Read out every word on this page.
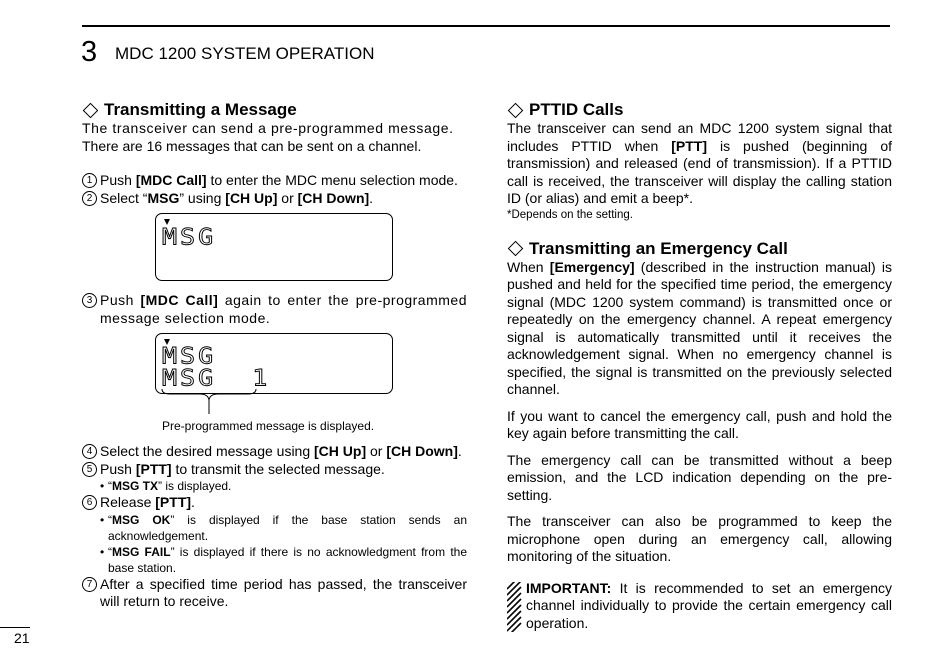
3 MDC 1200 SYSTEM OPERATION
Transmitting a Message

The transceiver can send a pre-programmed message.

There are 16 messages that can be sent on a channel.

1 Push [MDC Call] to enter the MDC menu selection mode.
2 Select “MSG” using [CH Up] or [CH Down].
MSG
3 Push [MDC Call] again to enter the pre-programmed message selection mode.
MSG
MSG  1
Pre-programmed message is displayed.
4 Select the desired message using [CH Up] or [CH Down].
5 Push [PTT] to transmit the selected message.
• “MSG TX” is displayed.
6 Release [PTT].
• “MSG OK” is displayed if the base station sends an acknowledgement.
• “MSG FAIL” is displayed if there is no acknowledgment from the base station.
7 After a specified time period has passed, the transceiver will return to receive.
PTTID Calls

The transceiver can send an MDC 1200 system signal that includes PTTID when [PTT] is pushed (beginning of transmission) and released (end of transmission). If a PTTID call is received, the transceiver will display the calling station ID (or alias) and emit a beep*.

*Depends on the setting.

Transmitting an Emergency Call

When [Emergency] (described in the instruction manual) is pushed and held for the specified time period, the emergency signal (MDC 1200 system command) is transmitted once or repeatedly on the emergency channel. A repeat emergency signal is automatically transmitted until it receives the acknowledgement signal. When no emergency channel is specified, the signal is transmitted on the previously selected channel.

If you want to cancel the emergency call, push and hold the key again before transmitting the call.

The emergency call can be transmitted without a beep emission, and the LCD indication depending on the pre-setting.

The transceiver can also be programmed to keep the microphone open during an emergency call, allowing monitoring of the situation.

IMPORTANT: It is recommended to set an emergency channel individually to provide the certain emergency call operation.

21
